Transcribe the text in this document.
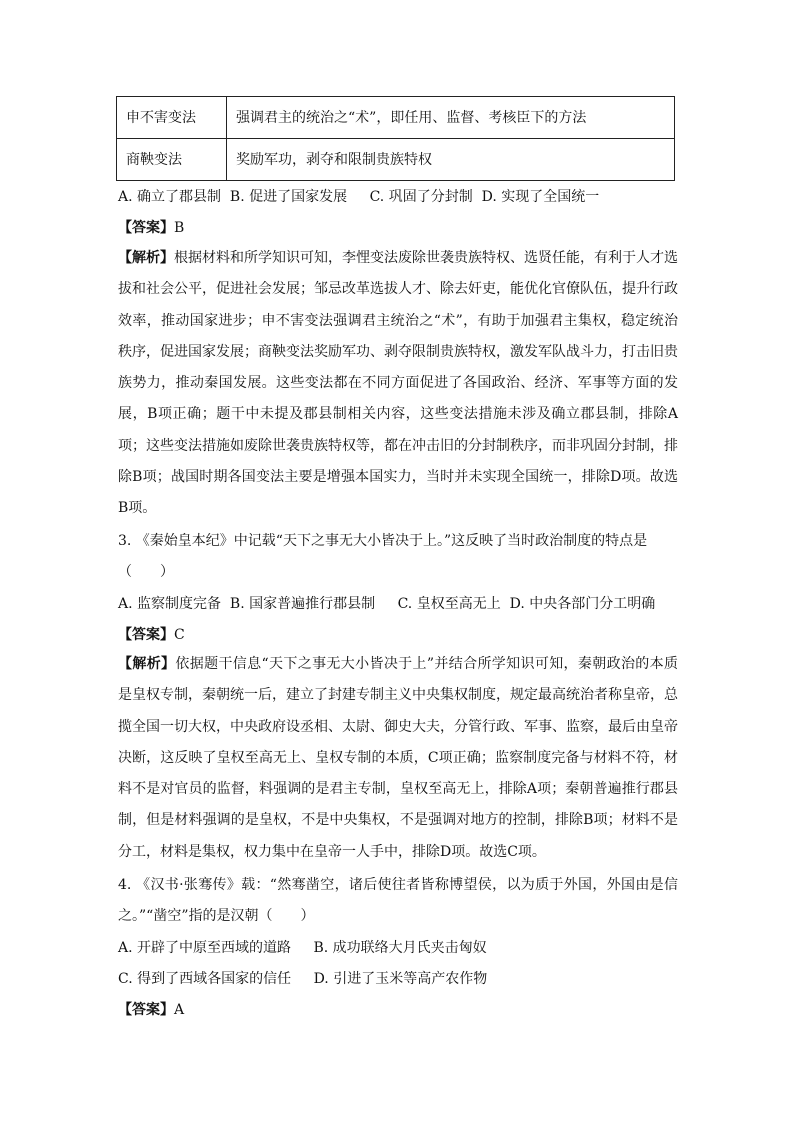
申不害变法	强调君主的统治之“术”，即任用、监督、考核臣下的方法
商鞅变法	奖励军功，剥夺和限制贵族特权
A. 确立了郡县制 B. 促进了国家发展 C. 巩固了分封制 D. 实现了全国统一
【答案】B
【解析】根据材料和所学知识可知，李悝变法废除世袭贵族特权、选贤任能，有利于人才选拔和社会公平，促进社会发展；邹忌改革选拔人才、除去奸吏，能优化官僚队伍，提升行政效率，推动国家进步；申不害变法强调君主统治之“术”，有助于加强君主集权，稳定统治秩序，促进国家发展；商鞅变法奖励军功、剥夺限制贵族特权，激发军队战斗力，打击旧贵族势力，推动秦国发展。这些变法都在不同方面促进了各国政治、经济、军事等方面的发展，B项正确；题干中未提及郡县制相关内容，这些变法措施未涉及确立郡县制，排除A项；这些变法措施如废除世袭贵族特权等，都在冲击旧的分封制秩序，而非巩固分封制，排除B项；战国时期各国变法主要是增强本国实力，当时并未实现全国统一，排除D项。故选B项。
3. 《秦始皇本纪》中记载“天下之事无大小皆决于上。”这反映了当时政治制度的特点是
（　　）
A. 监察制度完备 B. 国家普遍推行郡县制 C. 皇权至高无上 D. 中央各部门分工明确
【答案】C
【解析】依据题干信息“天下之事无大小皆决于上”并结合所学知识可知，秦朝政治的本质是皇权专制，秦朝统一后，建立了封建专制主义中央集权制度，规定最高统治者称皇帝，总揽全国一切大权，中央政府设丞相、太尉、御史大夫，分管行政、军事、监察，最后由皇帝决断，这反映了皇权至高无上、皇权专制的本质，C项正确；监察制度完备与材料不符，材料不是对官员的监督，料强调的是君主专制，皇权至高无上，排除A项；秦朝普遍推行郡县制，但是材料强调的是皇权，不是中央集权，不是强调对地方的控制，排除B项；材料不是分工，材料是集权，权力集中在皇帝一人手中，排除D项。故选C项。
4. 《汉书·张骞传》载：“然骞凿空，诸后使往者皆称博望侯，以为质于外国，外国由是信之。”“凿空”指的是汉朝（　　）
A. 开辟了中原至西域的道路 B. 成功联络大月氏夹击匈奴
C. 得到了西域各国家的信任 D. 引进了玉米等高产农作物
【答案】A
